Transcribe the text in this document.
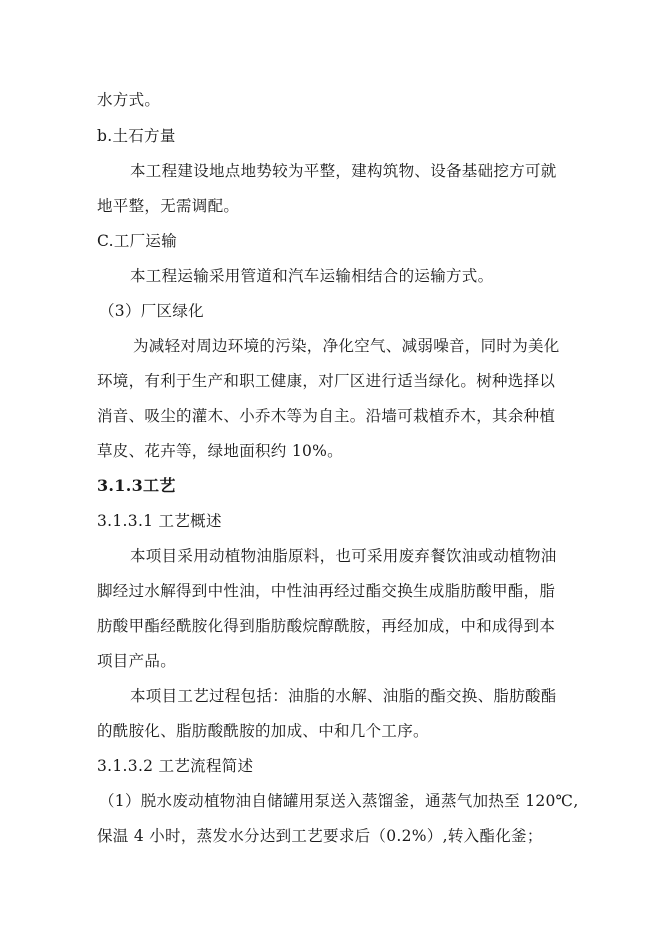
水方式。
b.土石方量
本工程建设地点地势较为平整，建构筑物、设备基础挖方可就
地平整，无需调配。
C.工厂运输
本工程运输采用管道和汽车运输相结合的运输方式。
（3）厂区绿化
为减轻对周边环境的污染，净化空气、减弱噪音，同时为美化
环境，有利于生产和职工健康，对厂区进行适当绿化。树种选择以
消音、吸尘的灌木、小乔木等为自主。沿墙可栽植乔木，其余种植
草皮、花卉等，绿地面积约 10%。
3.1.3工艺
3.1.3.1 工艺概述
本项目采用动植物油脂原料，也可采用废弃餐饮油或动植物油
脚经过水解得到中性油，中性油再经过酯交换生成脂肪酸甲酯，脂
肪酸甲酯经酰胺化得到脂肪酸烷醇酰胺，再经加成，中和成得到本
项目产品。
本项目工艺过程包括：油脂的水解、油脂的酯交换、脂肪酸酯
的酰胺化、脂肪酸酰胺的加成、中和几个工序。
3.1.3.2 工艺流程简述
（1）脱水废动植物油自储罐用泵送入蒸馏釜，通蒸气加热至 120℃,
保温 4 小时，蒸发水分达到工艺要求后（0.2%）,转入酯化釜；
